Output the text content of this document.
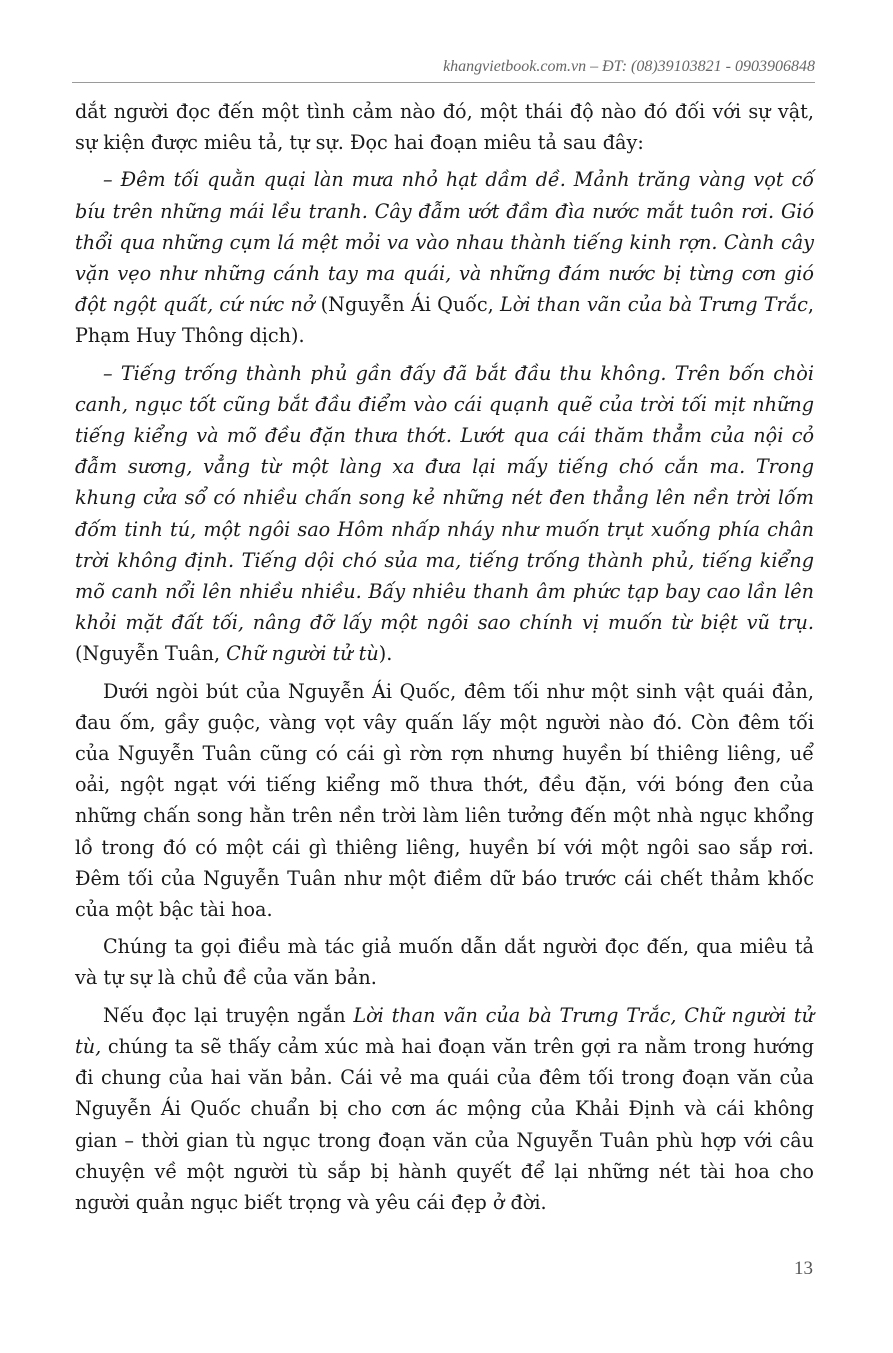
khangvietbook.com.vn – ĐT: (08)39103821 - 0903906848

dắt người đọc đến một tình cảm nào đó, một thái độ nào đó đối với sự vật, sự kiện được miêu tả, tự sự. Đọc hai đoạn miêu tả sau đây:

– Đêm tối quằn quại làn mưa nhỏ hạt dầm dề. Mảnh trăng vàng vọt cố bíu trên những mái lều tranh. Cây đẫm ướt đầm đìa nước mắt tuôn rơi. Gió thổi qua những cụm lá mệt mỏi va vào nhau thành tiếng kinh rợn. Cành cây vặn vẹo như những cánh tay ma quái, và những đám nước bị từng cơn gió đột ngột quất, cứ nức nở (Nguyễn Ái Quốc, Lời than vãn của bà Trưng Trắc, Phạm Huy Thông dịch).

– Tiếng trống thành phủ gần đấy đã bắt đầu thu không. Trên bốn chòi canh, ngục tốt cũng bắt đầu điểm vào cái quạnh quẽ của trời tối mịt những tiếng kiểng và mõ đều đặn thưa thớt. Lướt qua cái thăm thẳm của nội cỏ đẫm sương, vẳng từ một làng xa đưa lại mấy tiếng chó cắn ma. Trong khung cửa sổ có nhiều chấn song kẻ những nét đen thẳng lên nền trời lốm đốm tinh tú, một ngôi sao Hôm nhấp nháy như muốn trụt xuống phía chân trời không định. Tiếng dội chó sủa ma, tiếng trống thành phủ, tiếng kiểng mõ canh nổi lên nhiều nhiều. Bấy nhiêu thanh âm phức tạp bay cao lần lên khỏi mặt đất tối, nâng đỡ lấy một ngôi sao chính vị muốn từ biệt vũ trụ. (Nguyễn Tuân, Chữ người tử tù).

Dưới ngòi bút của Nguyễn Ái Quốc, đêm tối như một sinh vật quái đản, đau ốm, gầy guộc, vàng vọt vây quấn lấy một người nào đó. Còn đêm tối của Nguyễn Tuân cũng có cái gì rờn rợn nhưng huyền bí thiêng liêng, uể oải, ngột ngạt với tiếng kiểng mõ thưa thớt, đều đặn, với bóng đen của những chấn song hằn trên nền trời làm liên tưởng đến một nhà ngục khổng lồ trong đó có một cái gì thiêng liêng, huyền bí với một ngôi sao sắp rơi. Đêm tối của Nguyễn Tuân như một điềm dữ báo trước cái chết thảm khốc của một bậc tài hoa.

Chúng ta gọi điều mà tác giả muốn dẫn dắt người đọc đến, qua miêu tả và tự sự là chủ đề của văn bản.

Nếu đọc lại truyện ngắn Lời than vãn của bà Trưng Trắc, Chữ người tử tù, chúng ta sẽ thấy cảm xúc mà hai đoạn văn trên gợi ra nằm trong hướng đi chung của hai văn bản. Cái vẻ ma quái của đêm tối trong đoạn văn của Nguyễn Ái Quốc chuẩn bị cho cơn ác mộng của Khải Định và cái không gian – thời gian tù ngục trong đoạn văn của Nguyễn Tuân phù hợp với câu chuyện về một người tù sắp bị hành quyết để lại những nét tài hoa cho người quản ngục biết trọng và yêu cái đẹp ở đời.

13
